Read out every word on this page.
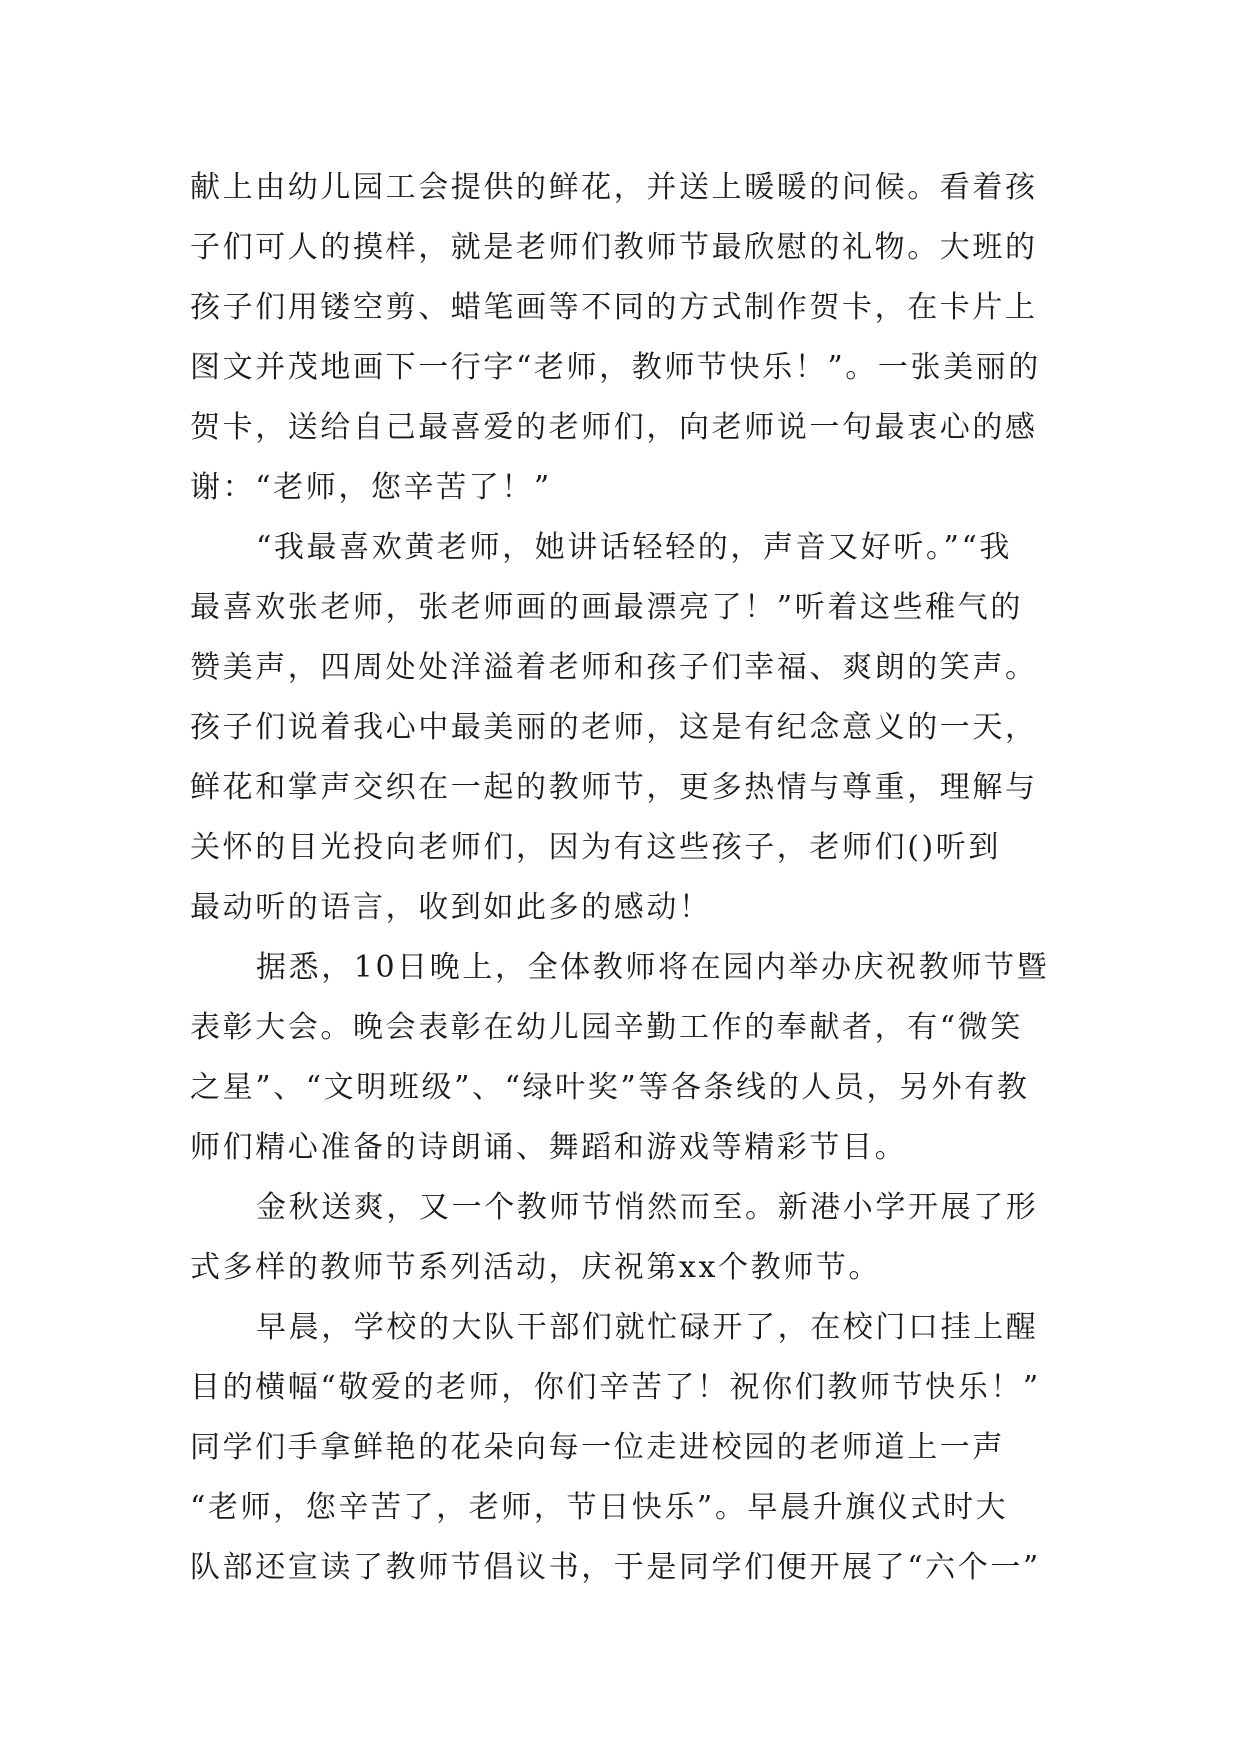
献上由幼儿园工会提供的鲜花，并送上暖暖的问候。看着孩
子们可人的摸样，就是老师们教师节最欣慰的礼物。大班的
孩子们用镂空剪、蜡笔画等不同的方式制作贺卡，在卡片上
图文并茂地画下一行字“老师，教师节快乐！”。一张美丽的
贺卡，送给自己最喜爱的老师们，向老师说一句最衷心的感
谢：“老师，您辛苦了！”
“我最喜欢黄老师，她讲话轻轻的，声音又好听。”“我
最喜欢张老师，张老师画的画最漂亮了！”听着这些稚气的
赞美声，四周处处洋溢着老师和孩子们幸福、爽朗的笑声。
孩子们说着我心中最美丽的老师，这是有纪念意义的一天，
鲜花和掌声交织在一起的教师节，更多热情与尊重，理解与
关怀的目光投向老师们，因为有这些孩子，老师们()听到
最动听的语言，收到如此多的感动！
据悉，10日晚上，全体教师将在园内举办庆祝教师节暨
表彰大会。晚会表彰在幼儿园辛勤工作的奉献者，有“微笑
之星”、“文明班级”、“绿叶奖”等各条线的人员，另外有教
师们精心准备的诗朗诵、舞蹈和游戏等精彩节目。
金秋送爽，又一个教师节悄然而至。新港小学开展了形
式多样的教师节系列活动，庆祝第xx个教师节。
早晨，学校的大队干部们就忙碌开了，在校门口挂上醒
目的横幅“敬爱的老师，你们辛苦了！祝你们教师节快乐！”
同学们手拿鲜艳的花朵向每一位走进校园的老师道上一声
“老师，您辛苦了，老师，节日快乐”。早晨升旗仪式时大
队部还宣读了教师节倡议书，于是同学们便开展了“六个一”
